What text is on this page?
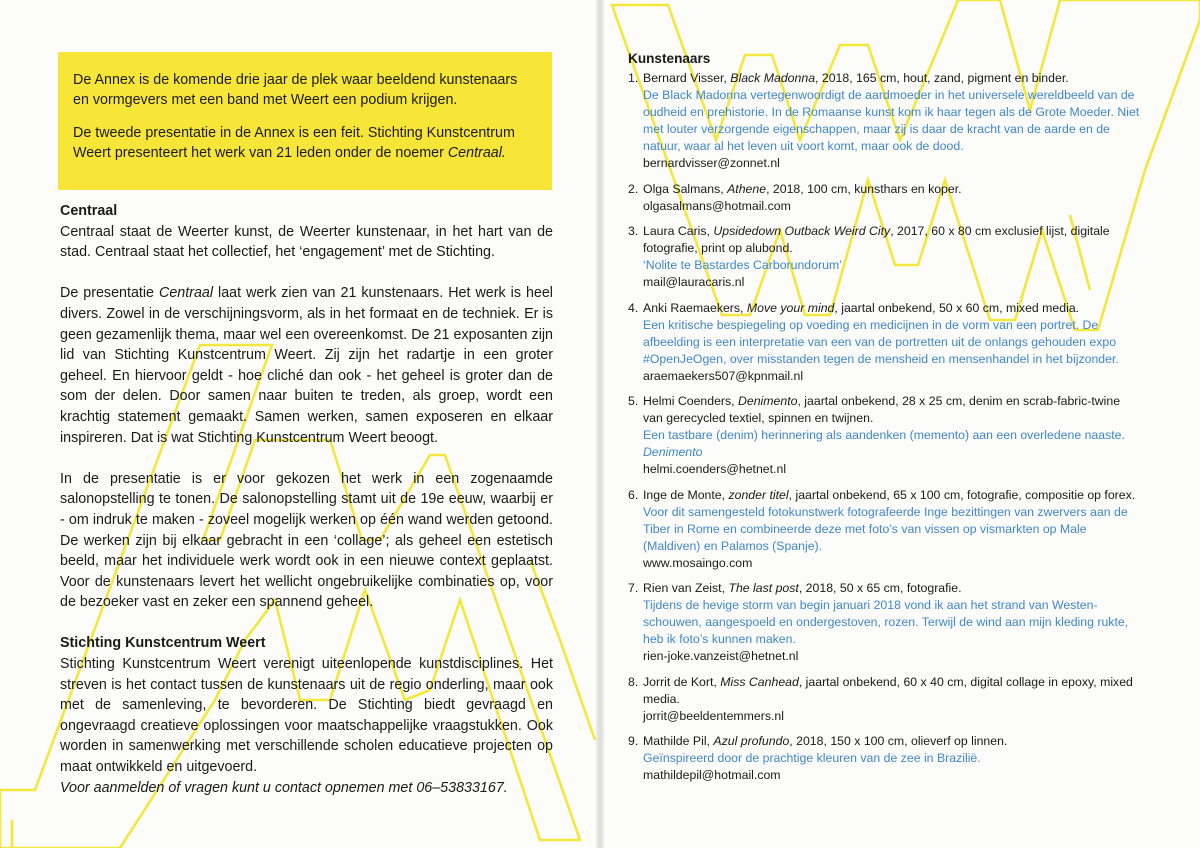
De Annex is de komende drie jaar de plek waar beeldend kunstenaars en vormgevers met een band met Weert een podium krijgen.

De tweede presentatie in de Annex is een feit. Stichting Kunstcentrum Weert presenteert het werk van 21 leden onder de noemer Centraal.

Centraal

Centraal staat de Weerter kunst, de Weerter kunstenaar, in het hart van de stad. Centraal staat het collectief, het ‘engagement’ met de Stichting.

De presentatie Centraal laat werk zien van 21 kunstenaars. Het werk is heel divers. Zowel in de verschijningsvorm, als in het formaat en de techniek. Er is geen gezamenlijk thema, maar wel een overeenkomst. De 21 exposanten zijn lid van Stichting Kunstcentrum Weert. Zij zijn het radartje in een groter geheel. En hiervoor geldt - hoe cliché dan ook - het geheel is groter dan de som der delen. Door samen naar buiten te treden, als groep, wordt een krachtig statement gemaakt. Samen werken, samen exposeren en elkaar inspireren. Dat is wat Stichting Kunstcentrum Weert beoogt.

In de presentatie is er voor gekozen het werk in een zogenaamde salonopstelling te tonen. De salonopstelling stamt uit de 19e eeuw, waarbij er - om indruk te maken - zoveel mogelijk werken op één wand werden getoond. De werken zijn bij elkaar gebracht in een ‘collage’; als geheel een estetisch beeld, maar het individuele werk wordt ook in een nieuwe context geplaatst. Voor de kunstenaars levert het wellicht ongebruikelijke combinaties op, voor de bezoeker vast en zeker een spannend geheel.

Stichting Kunstcentrum Weert

Stichting Kunstcentrum Weert verenigt uiteenlopende kunstdisciplines. Het streven is het contact tussen de kunstenaars uit de regio onderling, maar ook met de samenleving, te bevorderen. De Stichting biedt gevraagd en ongevraagd creatieve oplossingen voor maatschappelijke vraagstukken. Ook worden in samenwerking met verschillende scholen educatieve projecten op maat ontwikkeld en uitgevoerd.

Voor aanmelden of vragen kunt u contact opnemen met 06–53833167.

Kunstenaars
1. Bernard Visser, Black Madonna, 2018, 165 cm, hout, zand, pigment en binder.
De Black Madonna vertegenwoordigt de aardmoeder in het universele wereldbeeld van de oudheid en prehistorie. In de Romaanse kunst kom ik haar tegen als de Grote Moeder. Niet met louter verzorgende eigenschappen, maar zij is daar de kracht van de aarde en de natuur, waar al het leven uit voort komt, maar ook de dood.
bernardvisser@zonnet.nl
2. Olga Salmans, Athene, 2018, 100 cm, kunsthars en koper.
olgasalmans@hotmail.com
3. Laura Caris, Upsidedown Outback Weird City, 2017, 60 x 80 cm exclusief lijst, digitale fotografie, print op alubond.
‘Nolite te Bastardes Carborundorum’
mail@lauracaris.nl
4. Anki Raemaekers, Move your mind, jaartal onbekend, 50 x 60 cm, mixed media.
Een kritische bespiegeling op voeding en medicijnen in de vorm van een portret. De afbeelding is een interpretatie van een van de portretten uit de onlangs gehouden expo #OpenJeOgen, over misstanden tegen de mensheid en mensenhandel in het bijzonder.
araemaekers507@kpnmail.nl
5. Helmi Coenders, Denimento, jaartal onbekend, 28 x 25 cm, denim en scrab-fabric-twine van gerecycled textiel, spinnen en twijnen.
Een tastbare (denim) herinnering als aandenken (memento) aan een overledene naaste.
Denimento
helmi.coenders@hetnet.nl
6. Inge de Monte, zonder titel, jaartal onbekend, 65 x 100 cm, fotografie, compositie op forex.
Voor dit samengesteld fotokunstwerk fotografeerde Inge bezittingen van zwervers aan de Tiber in Rome en combineerde deze met foto’s van vissen op vismarkten op Male (Maldiven) en Palamos (Spanje).
www.mosaingo.com
7. Rien van Zeist, The last post, 2018, 50 x 65 cm, fotografie.
Tijdens de hevige storm van begin januari 2018 vond ik aan het strand van Westen-schouwen, aangespoeld en ondergestoven, rozen. Terwijl de wind aan mijn kleding rukte, heb ik foto’s kunnen maken.
rien-joke.vanzeist@hetnet.nl
8. Jorrit de Kort, Miss Canhead, jaartal onbekend, 60 x 40 cm, digital collage in epoxy, mixed media.
jorrit@beeldentemmers.nl
9. Mathilde Pil, Azul profundo, 2018, 150 x 100 cm, olieverf op linnen.
Geïnspireerd door de prachtige kleuren van de zee in Brazilië.
mathildepil@hotmail.com
